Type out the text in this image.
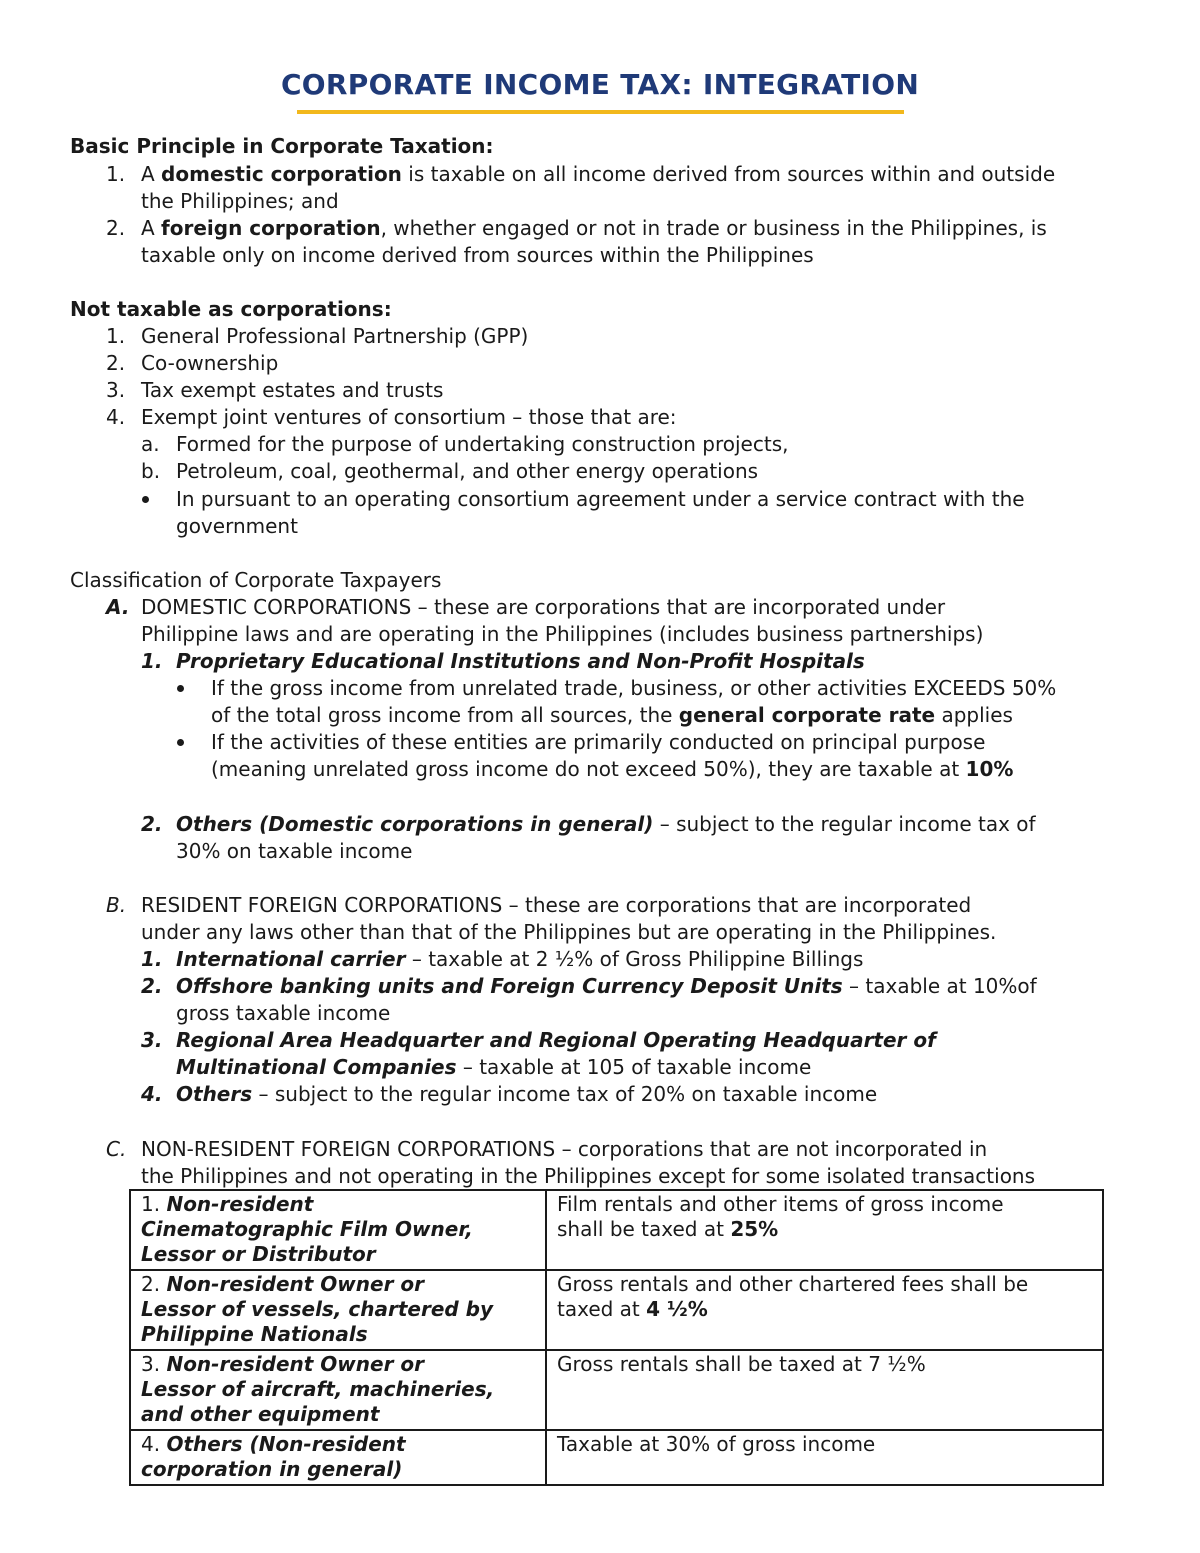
CORPORATE INCOME TAX: INTEGRATION
Basic Principle in Corporate Taxation:
1. A domestic corporation is taxable on all income derived from sources within and outside
the Philippines; and
2. A foreign corporation, whether engaged or not in trade or business in the Philippines, is
taxable only on income derived from sources within the Philippines
Not taxable as corporations:
1. General Professional Partnership (GPP)
2. Co-ownership
3. Tax exempt estates and trusts
4. Exempt joint ventures of consortium – those that are:
a. Formed for the purpose of undertaking construction projects,
b. Petroleum, coal, geothermal, and other energy operations
In pursuant to an operating consortium agreement under a service contract with the
government
Classification of Corporate Taxpayers
A. DOMESTIC CORPORATIONS – these are corporations that are incorporated under
Philippine laws and are operating in the Philippines (includes business partnerships)
1. Proprietary Educational Institutions and Non-Profit Hospitals
If the gross income from unrelated trade, business, or other activities EXCEEDS 50%
of the total gross income from all sources, the general corporate rate applies
If the activities of these entities are primarily conducted on principal purpose
(meaning unrelated gross income do not exceed 50%), they are taxable at 10%
2. Others (Domestic corporations in general) – subject to the regular income tax of
30% on taxable income
B. RESIDENT FOREIGN CORPORATIONS – these are corporations that are incorporated
under any laws other than that of the Philippines but are operating in the Philippines.
1. International carrier – taxable at 2 ½% of Gross Philippine Billings
2. Offshore banking units and Foreign Currency Deposit Units – taxable at 10%of
gross taxable income
3. Regional Area Headquarter and Regional Operating Headquarter of
Multinational Companies – taxable at 105 of taxable income
4. Others – subject to the regular income tax of 20% on taxable income
C. NON-RESIDENT FOREIGN CORPORATIONS – corporations that are not incorporated in
the Philippines and not operating in the Philippines except for some isolated transactions
1. Non-resident
Cinematographic Film Owner,
Lessor or Distributor	Film rentals and other items of gross income
shall be taxed at 25%
2. Non-resident Owner or
Lessor of vessels, chartered by
Philippine Nationals	Gross rentals and other chartered fees shall be
taxed at 4 ½%
3. Non-resident Owner or
Lessor of aircraft, machineries,
and other equipment	Gross rentals shall be taxed at 7 ½%
4. Others (Non-resident
corporation in general)	Taxable at 30% of gross income
